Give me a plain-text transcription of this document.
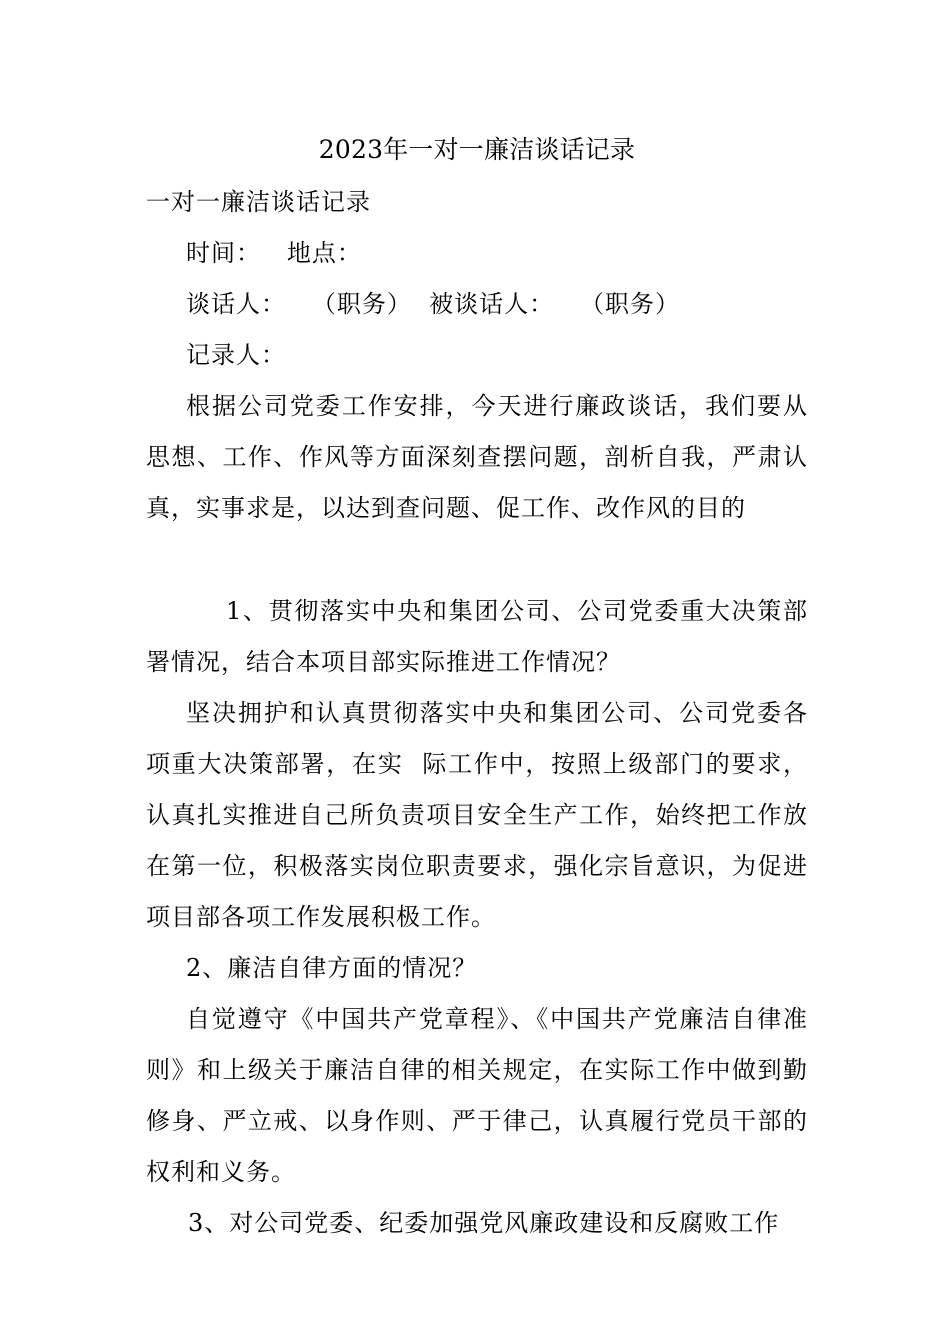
2023年一对一廉洁谈话记录

一对一廉洁谈话记录

时间：   地点：

谈话人：   （职务）  被谈话人：   （职务）

记录人：

根据公司党委工作安排，今天进行廉政谈话，我们要从思想、工作、作风等方面深刻查摆问题，剖析自我，严肃认真，实事求是，以达到查问题、促工作、改作风的目的

1、贯彻落实中央和集团公司、公司党委重大决策部署情况，结合本项目部实际推进工作情况？

坚决拥护和认真贯彻落实中央和集团公司、公司党委各项重大决策部署，在实  际工作中，按照上级部门的要求，认真扎实推进自己所负责项目安全生产工作，始终把工作放在第一位，积极落实岗位职责要求，强化宗旨意识，为促进项目部各项工作发展积极工作。

2、廉洁自律方面的情况？

自觉遵守《中国共产党章程》、《中国共产党廉洁自律准则》和上级关于廉洁自律的相关规定，在实际工作中做到勤修身、严立戒、以身作则、严于律己，认真履行党员干部的权利和义务。

3、对公司党委、纪委加强党风廉政建设和反腐败工作
